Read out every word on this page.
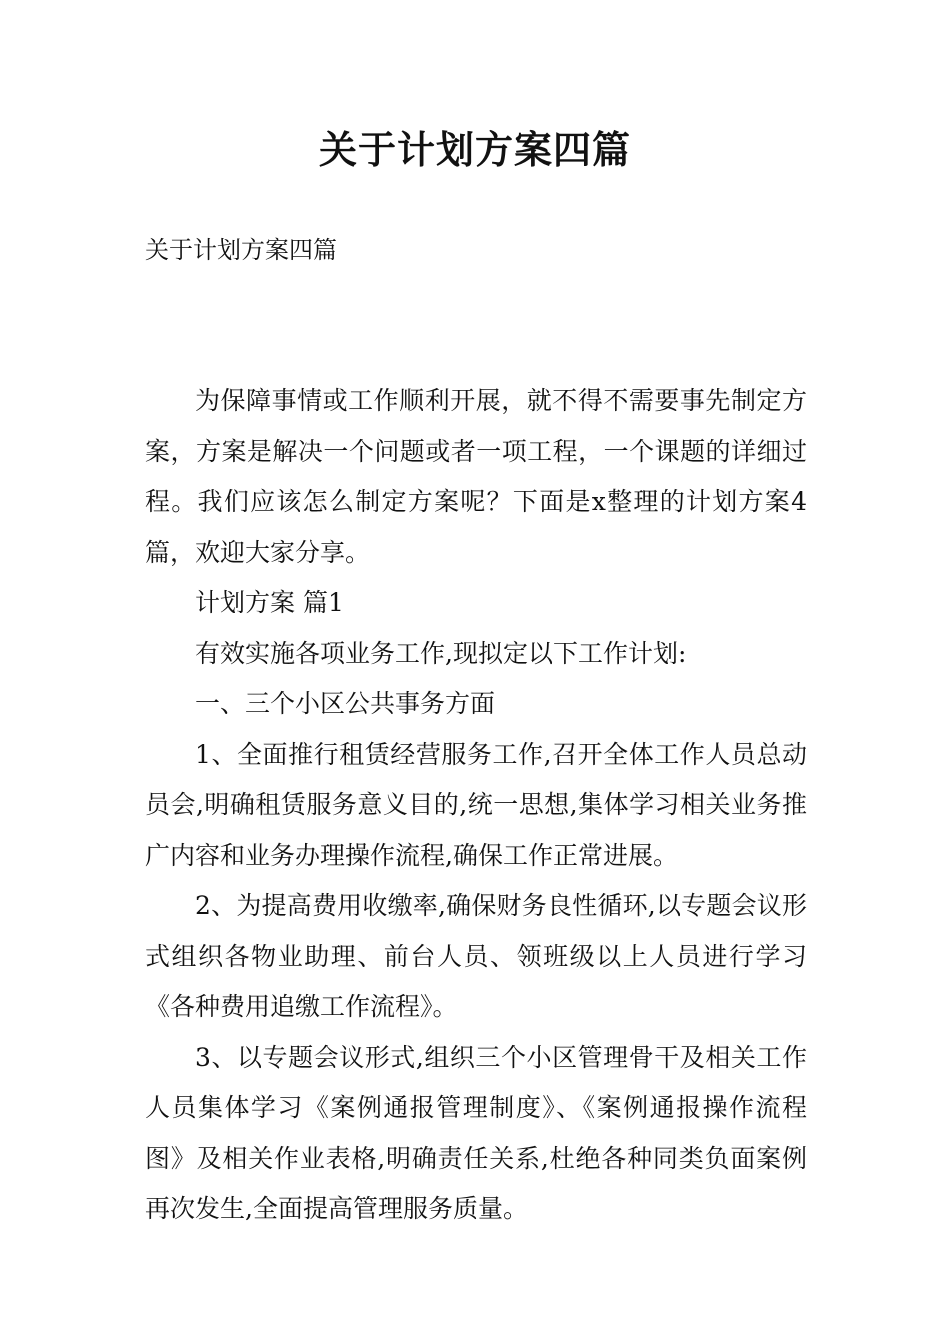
关于计划方案四篇
关于计划方案四篇

为保障事情或工作顺利开展，就不得不需要事先制定方案，方案是解决一个问题或者一项工程，一个课题的详细过程。我们应该怎么制定方案呢？下面是x整理的计划方案4篇，欢迎大家分享。

计划方案 篇1

有效实施各项业务工作,现拟定以下工作计划:

一、三个小区公共事务方面

1、全面推行租赁经营服务工作,召开全体工作人员总动员会,明确租赁服务意义目的,统一思想,集体学习相关业务推广内容和业务办理操作流程,确保工作正常进展。

2、为提高费用收缴率,确保财务良性循环,以专题会议形式组织各物业助理、前台人员、领班级以上人员进行学习《各种费用追缴工作流程》。

3、以专题会议形式,组织三个小区管理骨干及相关工作人员集体学习《案例通报管理制度》、《案例通报操作流程图》及相关作业表格,明确责任关系,杜绝各种同类负面案例再次发生,全面提高管理服务质量。
